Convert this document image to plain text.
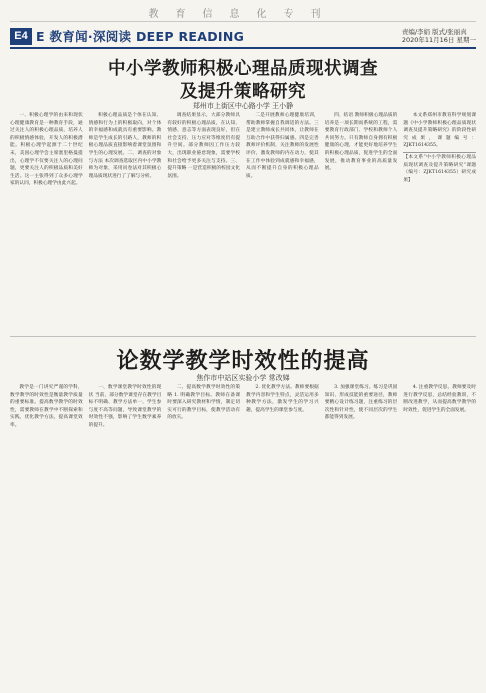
教育信息化专刊
E4 E 教育闻·深阅读 DEEP READING	责编/李娟 版式/张丽真
2020年11月16日 星期一
中小学教师积极心理品质现状调查
及提升策略研究
郑州市上街区中心路小学 王小静

一、积极心理学的由来和现状 心理健康教育是一种教育手段，通过关注人的积极心理品质，培养人的积极情感体验，开发人的积极潜能。积极心理学起源于二十世纪末，美国心理学会主席塞里格曼提出，心理学不仅要关注人的心理问题，更要关注人的积极品质和美好生活。这一主张得到了众多心理学家的认同，积极心理学由此兴起。

积极心理品质是个体在认知、情感和行为上的积极取向，对个体的幸福感和成就具有重要影响。教师是学生成长的引路人，教师的积极心理品质直接影响着课堂氛围和学生的心理发展。二、调查的对象与方法 本次调查选取区内中小学教师为对象，采用问卷法对其积极心理品质现状进行了了解与分析。

调查结果显示，大部分教师具有较好的积极心理品质，在认知、情感、意志等方面表现良好，但在社会支持、压力应对等维度仍有提升空间。部分教师因工作压力较大，出现职业倦怠现象，需要学校和社会给予更多关注与支持。三、提升策略 一是营造积极的校园文化氛围。

二是开展教师心理健康培训，帮助教师掌握自我调适的方法。三是建立教师成长共同体，让教师在互助合作中获得归属感。四是完善教师评价机制，关注教师的发展性评价，激发教师的内在动力，使其在工作中体验到成就感和幸福感，从而不断提升自身的积极心理品质。

四、结语 教师积极心理品质的培养是一项长期而系统的工程，需要教育行政部门、学校和教师个人共同努力。只有教师自身拥有积极健康的心理，才能更好地培养学生的积极心理品质，促进学生的全面发展，推动教育事业的高质量发展。

本文系郑州市教育科学规划课题《中小学教师积极心理品质现状调查及提升策略研究》的阶段性研究成果，课题编号：ZJKT1614355。

【本文系“中小学教师积极心理品质现状调查及提升策略研究”课题（编号：ZJKT1614355）研究成果】
论数学教学时效性的提高
焦作市中站区实验小学 常改娣

教学是一门讲究严谨的学科，数学教学的时效性是衡量教学质量的重要标准。提高数学教学的时效性，需要教师在教学中不断探索和实践，优化教学方法，提高课堂效率。

一、数学课堂教学时效性的现状 当前，部分数学课堂存在教学目标不明确、教学方法单一、学生参与度不高等问题，导致课堂教学的时效性不强，影响了学生数学素养的提升。

二、提高数学教学时效性的策略 1. 明确教学目标。教师在备课时要深入研究教材和学情，制定切实可行的教学目标，使教学活动有的放矢。

2. 优化教学方法。教师要根据教学内容和学生特点，灵活运用多种教学方法，激发学生的学习兴趣，提高学生的课堂参与度。

3. 加强课堂练习。练习是巩固知识、形成技能的重要途径，教师要精心设计练习题，注重练习的层次性和针对性，使不同层次的学生都能得到发展。

4. 注重教学反思。教师要及时进行教学反思，总结经验教训，不断改进教学，从而提高数学教学的时效性，促进学生的全面发展。
